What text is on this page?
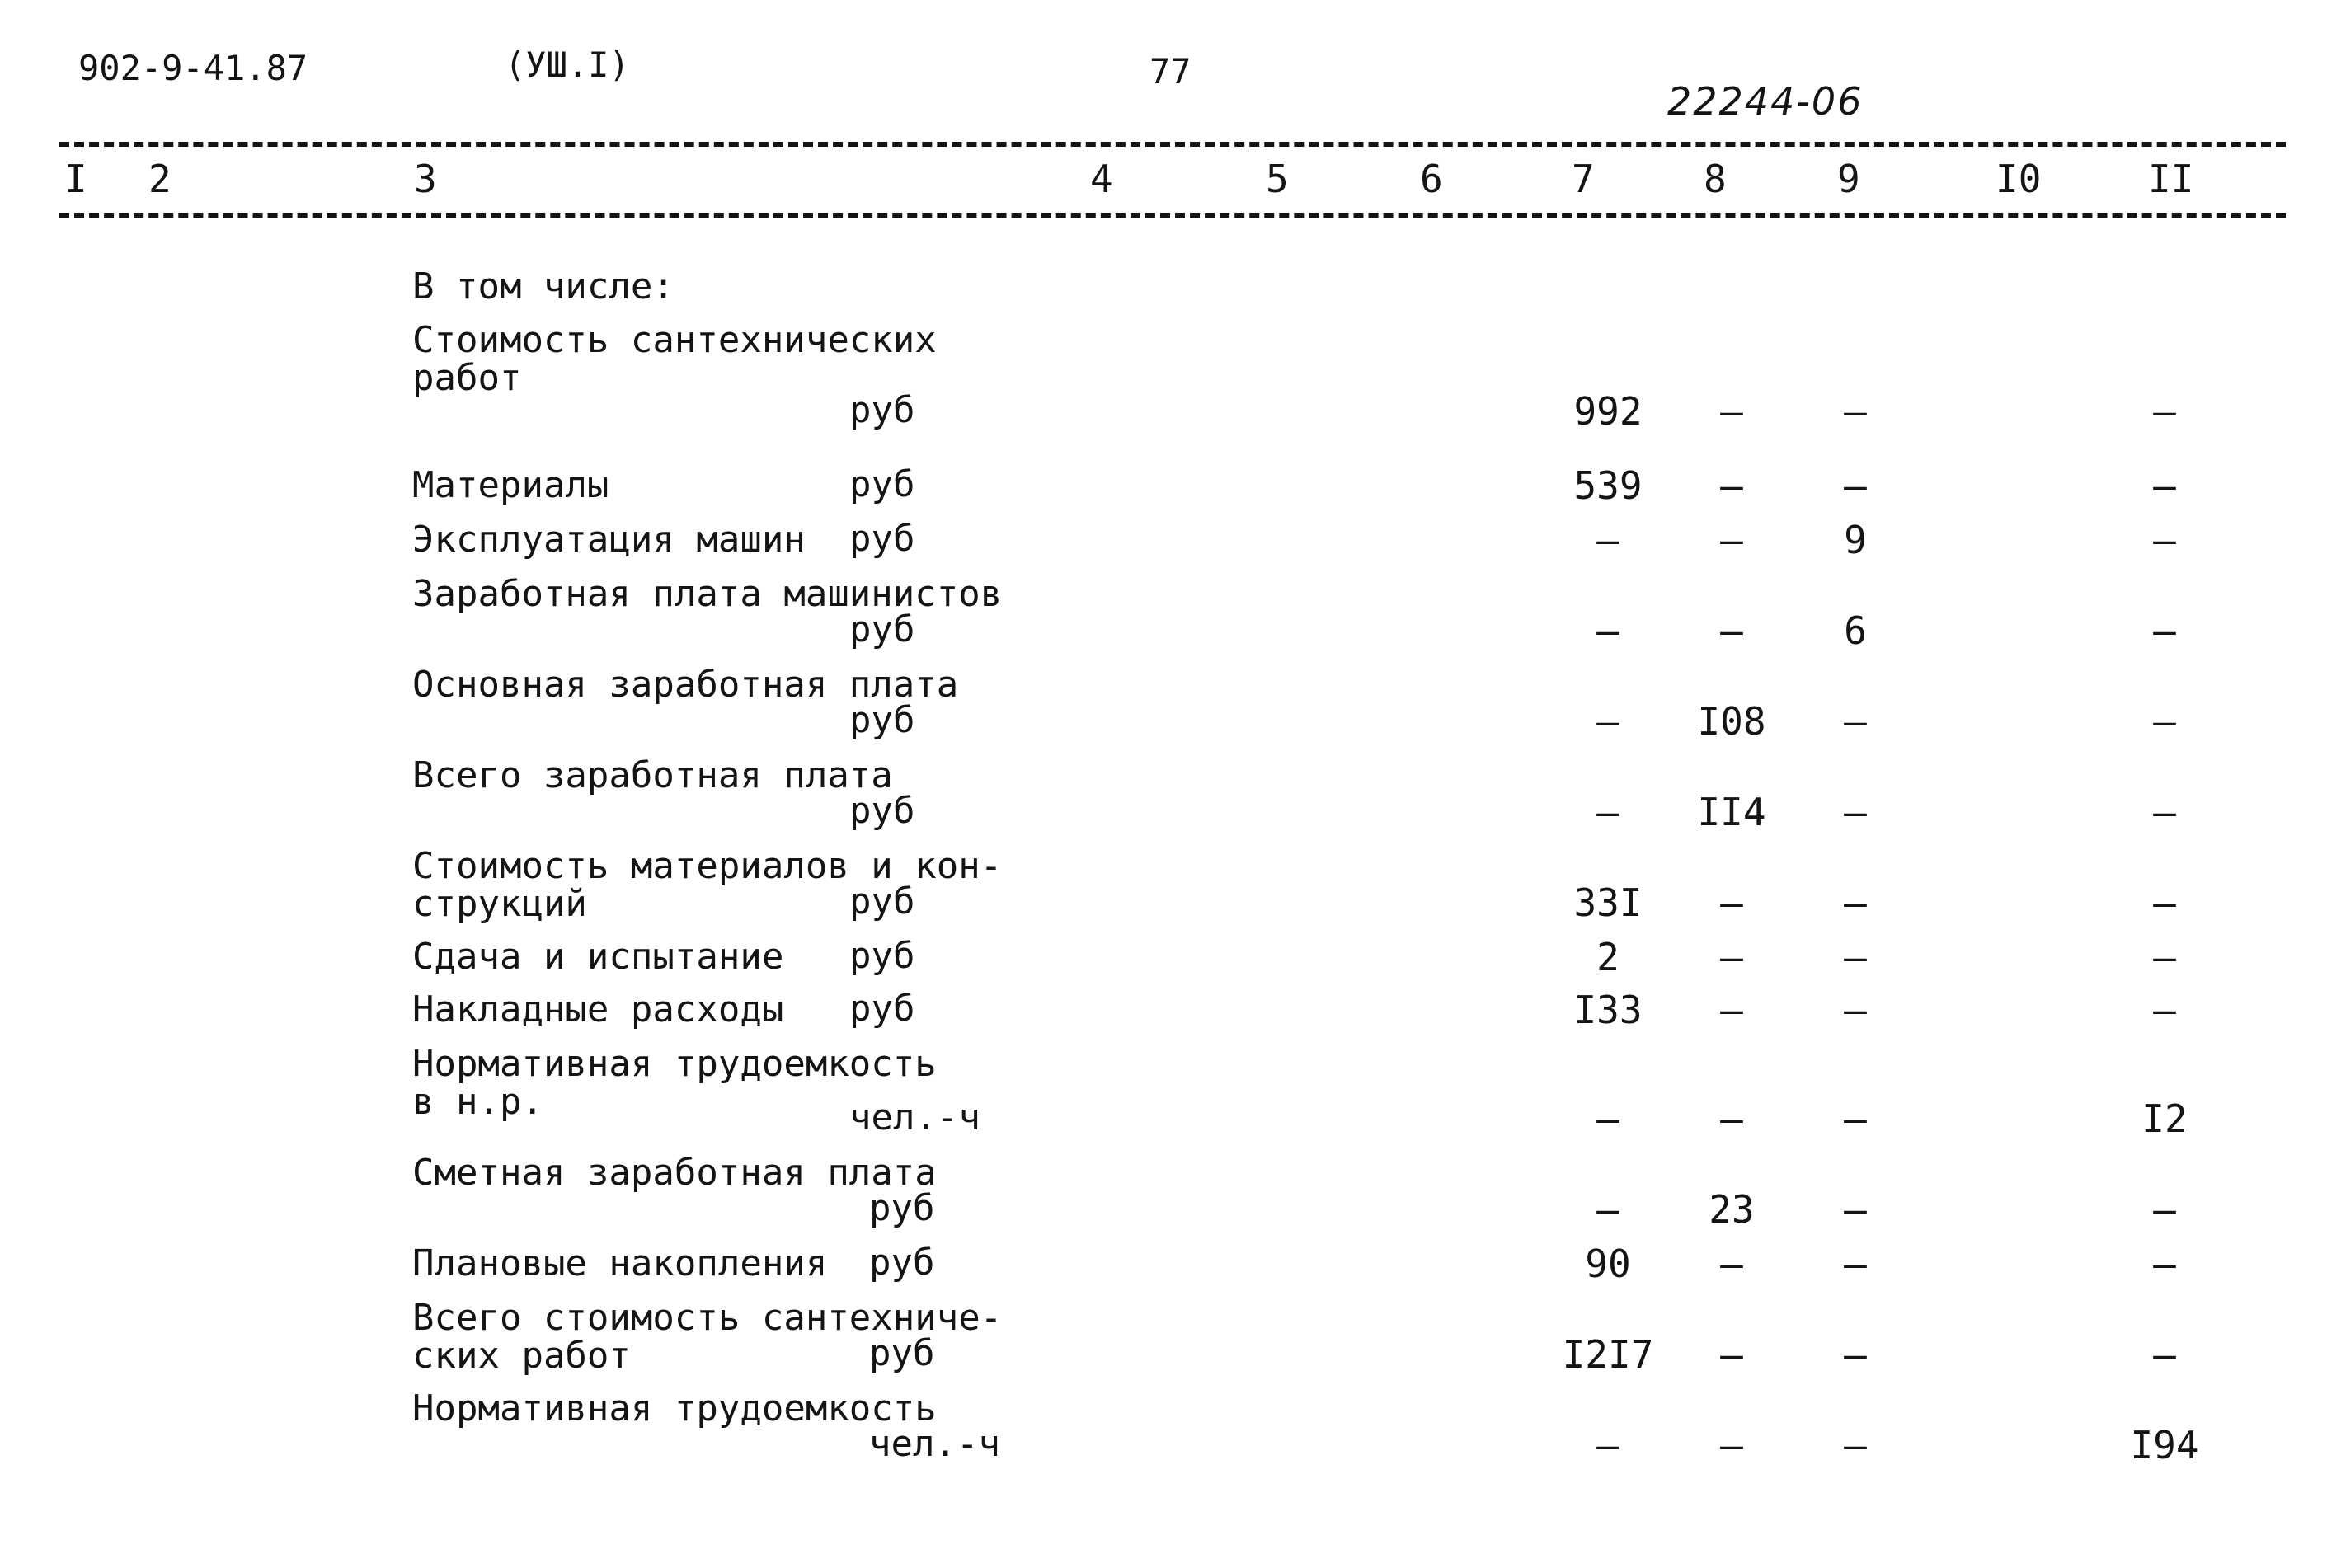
902-9-41.87	(УШ.I)	77
22244-06
I 2	3	4	5	6	7	8	9	I0	II
В том числе:
Стоимость сантехнических
работ
руб	992	–	–	–
Материалы	руб	539	–	–	–
Эксплуатация машин руб	–	–	9	–
Заработная плата машинистов
руб	–	–	6	–
Основная заработная плата
руб	–	I08	–	–
Всего заработная плата
руб	–	II4	–	–
Стоимость материалов и кон-
струкций	руб	33I	–	–	–
Сдача и испытание руб	2	–	–	–
Накладные расходы руб	I33	–	–	–
Нормативная трудоемкость
в н.р.	чел.-ч	–	–	–	I2
Сметная заработная плата
руб	–	23	–	–
Плановые накопления руб	90	–	–	–
Всего стоимость сантехниче-
ских работ	руб	I2I7	–	–	–
Нормативная трудоемкость
чел.-ч	–	–	–	I94
